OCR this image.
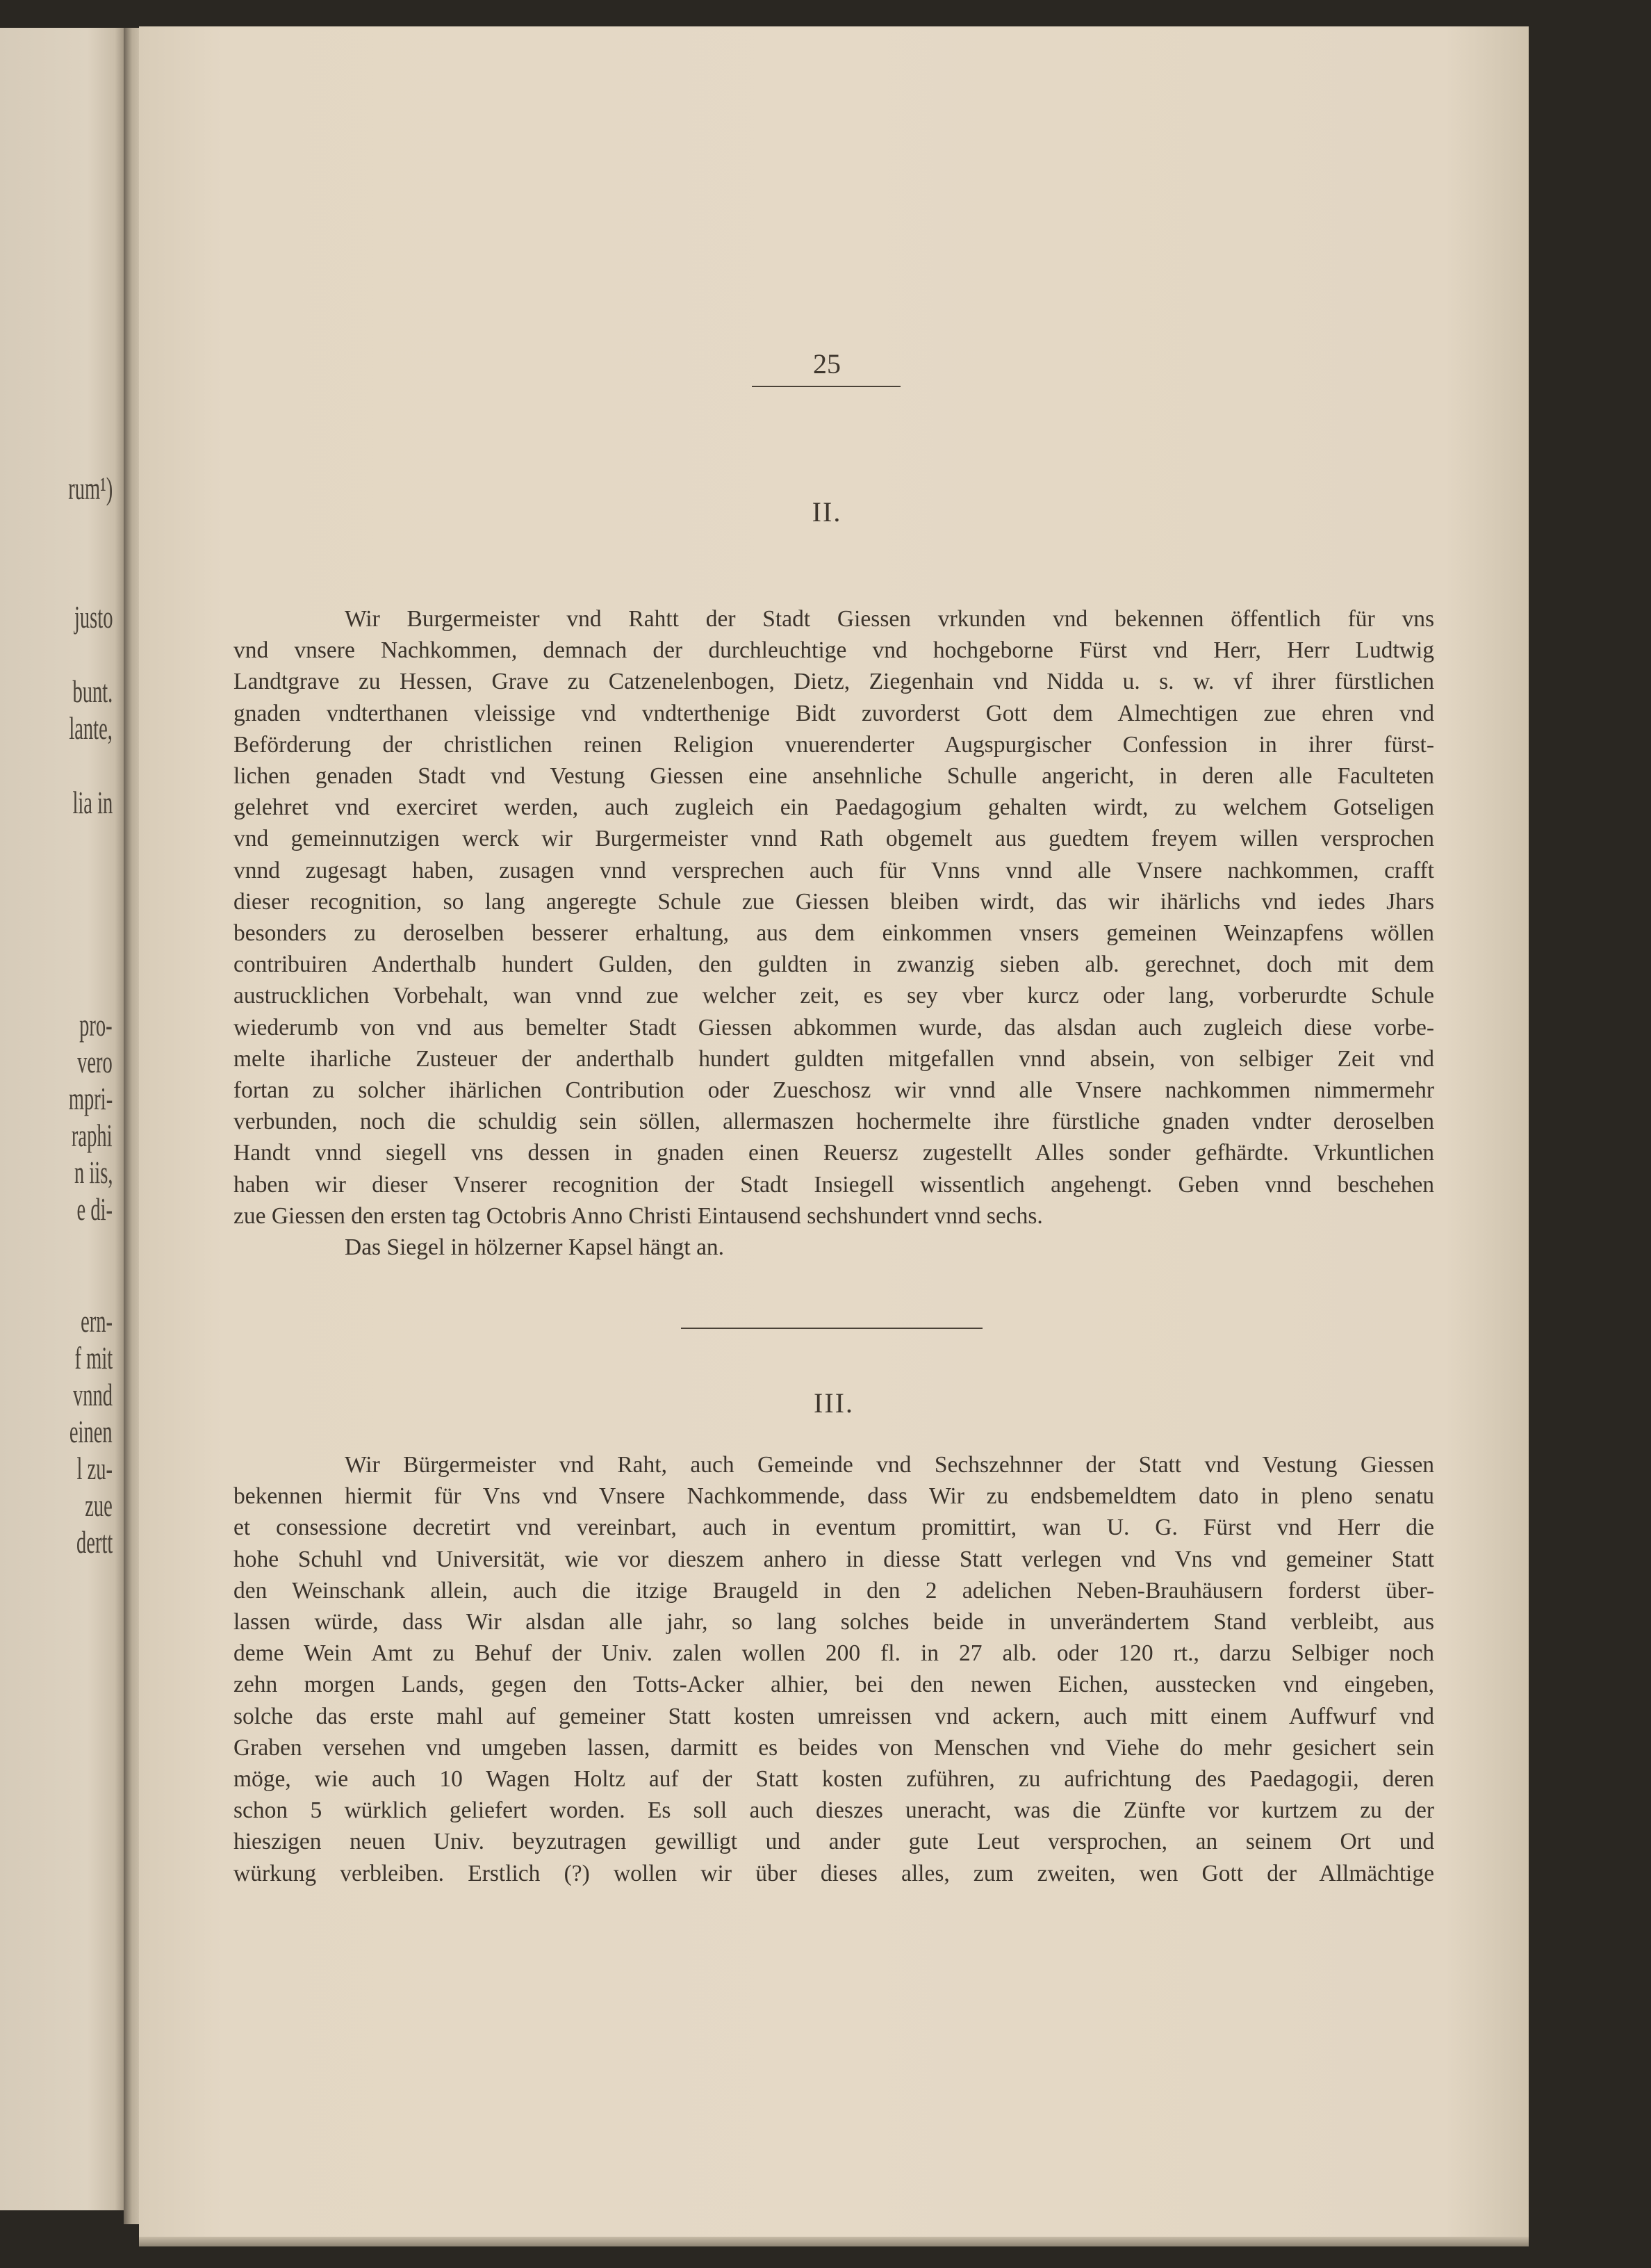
rum¹)
justo
bunt.
lante,
lia in
pro-
vero
mpri-
raphi
n iis,
e di-
ern-
f mit
vnnd
einen
l zu-
zue
dertt
25
II.
Wir Burgermeister vnd Rahtt der Stadt Giessen vrkunden vnd bekennen öffentlich für vns
vnd vnsere Nachkommen, demnach der durchleuchtige vnd hochgeborne Fürst vnd Herr, Herr Ludtwig
Landtgrave zu Hessen, Grave zu Catzenelenbogen, Dietz, Ziegenhain vnd Nidda u. s. w. vf ihrer fürstlichen
gnaden vndterthanen vleissige vnd vndterthenige Bidt zuvorderst Gott dem Almechtigen zue ehren vnd
Beförderung der christlichen reinen Religion vnuerenderter Augspurgischer Confession in ihrer fürst-
lichen genaden Stadt vnd Vestung Giessen eine ansehnliche Schulle angericht, in deren alle Faculteten
gelehret vnd exerciret werden, auch zugleich ein Paedagogium gehalten wirdt, zu welchem Gotseligen
vnd gemeinnutzigen werck wir Burgermeister vnnd Rath obgemelt aus guedtem freyem willen versprochen
vnnd zugesagt haben, zusagen vnnd versprechen auch für Vnns vnnd alle Vnsere nachkommen, crafft
dieser recognition, so lang angeregte Schule zue Giessen bleiben wirdt, das wir ihärlichs vnd iedes Jhars
besonders zu deroselben besserer erhaltung, aus dem einkommen vnsers gemeinen Weinzapfens wöllen
contribuiren Anderthalb hundert Gulden, den guldten in zwanzig sieben alb. gerechnet, doch mit dem
austrucklichen Vorbehalt, wan vnnd zue welcher zeit, es sey vber kurcz oder lang, vorberurdte Schule
wiederumb von vnd aus bemelter Stadt Giessen abkommen wurde, das alsdan auch zugleich diese vorbe-
melte iharliche Zusteuer der anderthalb hundert guldten mitgefallen vnnd absein, von selbiger Zeit vnd
fortan zu solcher ihärlichen Contribution oder Zueschosz wir vnnd alle Vnsere nachkommen nimmermehr
verbunden, noch die schuldig sein söllen, allermaszen hochermelte ihre fürstliche gnaden vndter deroselben
Handt vnnd siegell vns dessen in gnaden einen Reuersz zugestellt Alles sonder gefhärdte. Vrkuntlichen
haben wir dieser Vnserer recognition der Stadt Insiegell wissentlich angehengt. Geben vnnd beschehen
zue Giessen den ersten tag Octobris Anno Christi Eintausend sechshundert vnnd sechs.
Das Siegel in hölzerner Kapsel hängt an.
III.
Wir Bürgermeister vnd Raht, auch Gemeinde vnd Sechszehnner der Statt vnd Vestung Giessen
bekennen hiermit für Vns vnd Vnsere Nachkommende, dass Wir zu endsbemeldtem dato in pleno senatu
et consessione decretirt vnd vereinbart, auch in eventum promittirt, wan U. G. Fürst vnd Herr die
hohe Schuhl vnd Universität, wie vor dieszem anhero in diesse Statt verlegen vnd Vns vnd gemeiner Statt
den Weinschank allein, auch die itzige Braugeld in den 2 adelichen Neben-Brauhäusern forderst über-
lassen würde, dass Wir alsdan alle jahr, so lang solches beide in unverändertem Stand verbleibt, aus
deme Wein Amt zu Behuf der Univ. zalen wollen 200 fl. in 27 alb. oder 120 rt., darzu Selbiger noch
zehn morgen Lands, gegen den Totts-Acker alhier, bei den newen Eichen, ausstecken vnd eingeben,
solche das erste mahl auf gemeiner Statt kosten umreissen vnd ackern, auch mitt einem Auffwurf vnd
Graben versehen vnd umgeben lassen, darmitt es beides von Menschen vnd Viehe do mehr gesichert sein
möge, wie auch 10 Wagen Holtz auf der Statt kosten zuführen, zu aufrichtung des Paedagogii, deren
schon 5 würklich geliefert worden. Es soll auch dieszes uneracht, was die Zünfte vor kurtzem zu der
hieszigen neuen Univ. beyzutragen gewilligt und ander gute Leut versprochen, an seinem Ort und
würkung verbleiben. Erstlich (?) wollen wir über dieses alles, zum zweiten, wen Gott der Allmächtige
